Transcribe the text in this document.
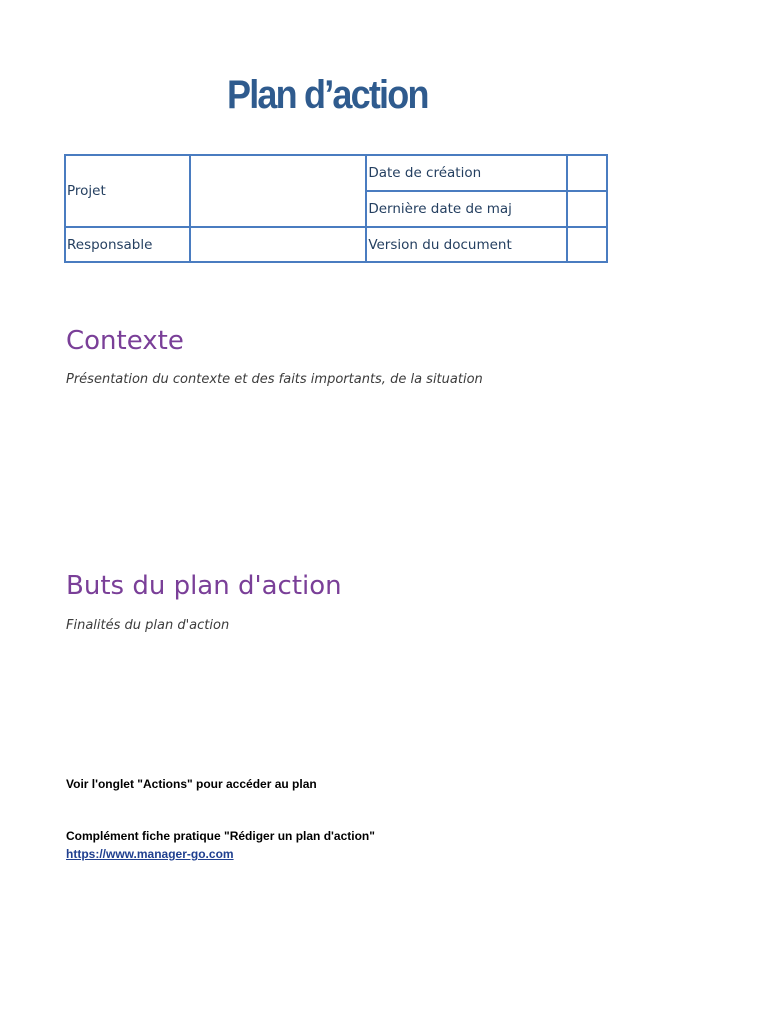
Plan d’action
Projet		Date de création	
		Dernière date de maj	
Responsable		Version du document	
Contexte

Présentation du contexte et des faits importants, de la situation

Buts du plan d'action

Finalités du plan d'action

Voir l'onglet "Actions" pour accéder au plan

Complément fiche pratique "Rédiger un plan d'action"

https://www.manager-go.com
